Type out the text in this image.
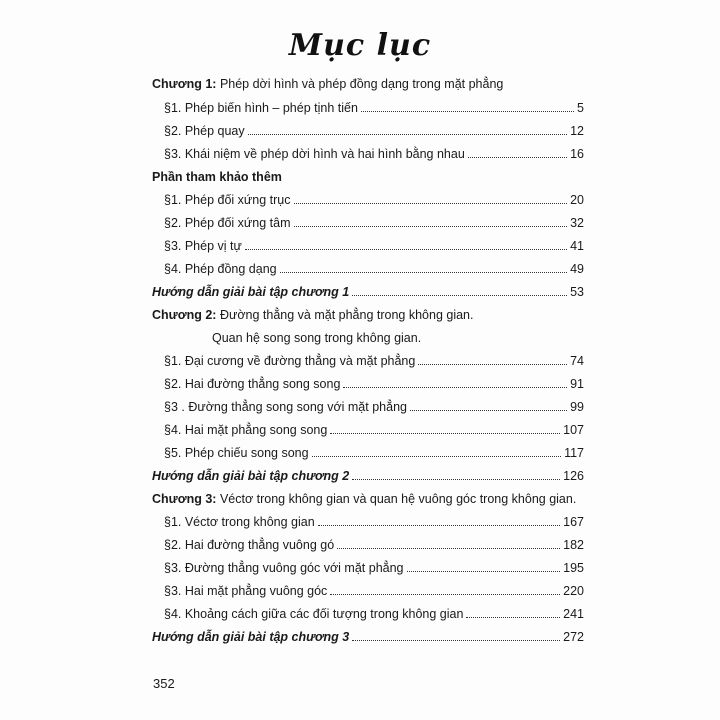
Mục lục
Chương 1: Phép dời hình và phép đồng dạng trong mặt phẳng
§1. Phép biến hình – phép tịnh tiến	5
§2. Phép quay	12
§3. Khái niệm về phép dời hình và hai hình bằng nhau	16
Phần tham khảo thêm
§1. Phép đối xứng trục	20
§2. Phép đối xứng tâm	32
§3. Phép vị tự	41
§4. Phép đồng dạng	49
Hướng dẫn giải bài tập chương 1	53
Chương 2: Đường thẳng và mặt phẳng trong không gian.
Quan hệ song song trong không gian.
§1. Đại cương về đường thẳng và mặt phẳng	74
§2. Hai đường thẳng song song	91
§3 . Đường thẳng song song với mặt phẳng	99
§4. Hai mặt phẳng song song	107
§5. Phép chiếu song song	117
Hướng dẫn giải bài tập chương 2	126
Chương 3: Véctơ trong không gian và quan hệ vuông góc trong không gian.
§1. Véctơ trong không gian	167
§2. Hai đường thẳng vuông gó	182
§3. Đường thẳng vuông góc với mặt phẳng	195
§3. Hai mặt phẳng vuông góc	220
§4. Khoảng cách giữa các đối tượng trong không gian	241
Hướng dẫn giải bài tập chương 3	272
352
